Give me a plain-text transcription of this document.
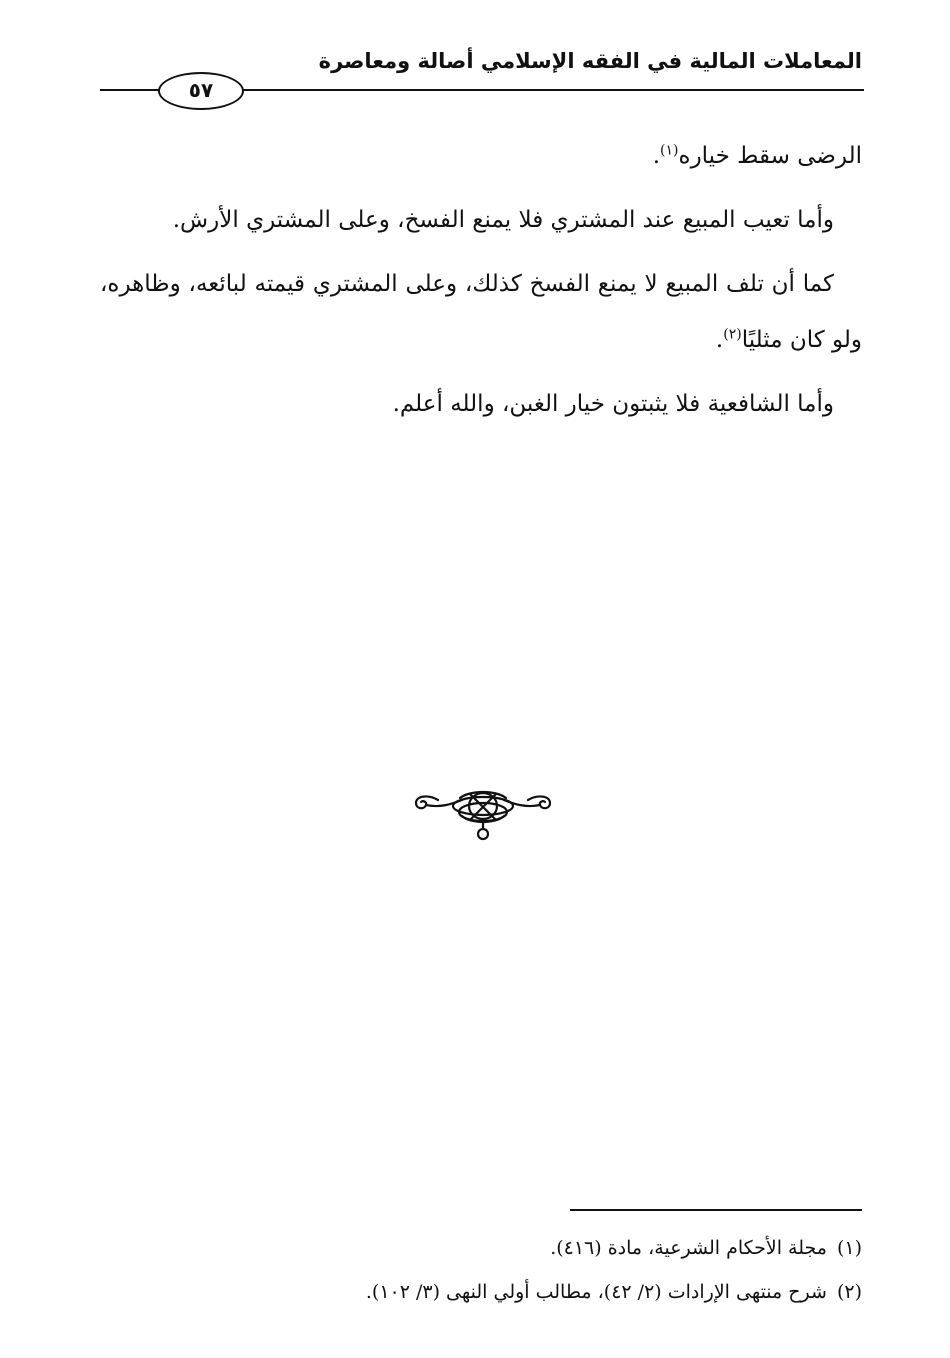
المعاملات المالية في الفقه الإسلامي أصالة ومعاصرة
٥٧

الرضى سقط خياره$^{(١)}$.

وأما تعيب المبيع عند المشتري فلا يمنع الفسخ، وعلى المشتري الأرش.

كما أن تلف المبيع لا يمنع الفسخ كذلك، وعلى المشتري قيمته لبائعه، وظاهره، ولو كان مثليًا$^{(٢)}$.

وأما الشافعية فلا يثبتون خيار الغبن، والله أعلم.

(١)مجلة الأحكام الشرعية، مادة (٤١٦).
(٢)شرح منتهى الإرادات (٢/ ٤٢)، مطالب أولي النهى (٣/ ١٠٢).
